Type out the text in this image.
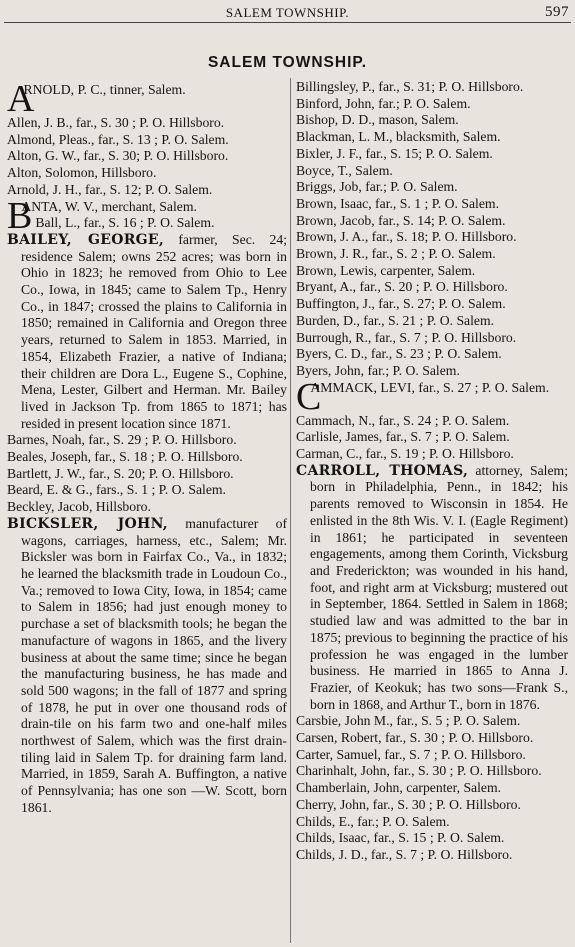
SALEM TOWNSHIP.	597
SALEM TOWNSHIP.
A
RNOLD, P. C., tinner, Salem.
Allen, J. B., far., S. 30 ; P. O. Hillsboro.
Almond, Pleas., far., S. 13 ; P. O. Salem.
Alton, G. W., far., S. 30; P. O. Hillsboro.
Alton, Solomon, Hillsboro.
Arnold, J. H., far., S. 12; P. O. Salem.
B
ANTA, W. V., merchant, Salem.
Ball, L., far., S. 16 ; P. O. Salem.
BAILEY, GEORGE, farmer, Sec. 24; residence Salem; owns 252 acres; was born in Ohio in 1823; he removed from Ohio to Lee Co., Iowa, in 1845; came to Salem Tp., Henry Co., in 1847; crossed the plains to California in 1850; remained in California and Oregon three years, returned to Salem in 1853. Married, in 1854, Elizabeth Frazier, a native of Indiana; their children are Dora L., Eugene S., Cophine, Mena, Lester, Gilbert and Herman. Mr. Bailey lived in Jackson Tp. from 1865 to 1871; has resided in present location since 1871.
Barnes, Noah, far., S. 29 ; P. O. Hillsboro.
Beales, Joseph, far., S. 18 ; P. O. Hillsboro.
Bartlett, J. W., far., S. 20; P. O. Hillsboro.
Beard, E. & G., fars., S. 1 ; P. O. Salem.
Beckley, Jacob, Hillsboro.
BICKSLER, JOHN, manufacturer of wagons, carriages, harness, etc., Salem; Mr. Bicksler was born in Fairfax Co., Va., in 1832; he learned the blacksmith trade in Loudoun Co., Va.; removed to Iowa City, Iowa, in 1854; came to Salem in 1856; had just enough money to purchase a set of blacksmith tools; he began the manufacture of wagons in 1865, and the livery business at about the same time; since he began the manufacturing business, he has made and sold 500 wagons; in the fall of 1877 and spring of 1878, he put in over one thousand rods of drain-tile on his farm two and one-half miles northwest of Salem, which was the first drain-tiling laid in Salem Tp. for draining farm land. Married, in 1859, Sarah A. Buffington, a native of Pennsylvania; has one son —W. Scott, born 1861.
Billingsley, P., far., S. 31; P. O. Hillsboro.
Binford, John, far.; P. O. Salem.
Bishop, D. D., mason, Salem.
Blackman, L. M., blacksmith, Salem.
Bixler, J. F., far., S. 15; P. O. Salem.
Boyce, T., Salem.
Briggs, Job, far.; P. O. Salem.
Brown, Isaac, far., S. 1 ; P. O. Salem.
Brown, Jacob, far., S. 14; P. O. Salem.
Brown, J. A., far., S. 18; P. O. Hillsboro.
Brown, J. R., far., S. 2 ; P. O. Salem.
Brown, Lewis, carpenter, Salem.
Bryant, A., far., S. 20 ; P. O. Hillsboro.
Buffington, J., far., S. 27; P. O. Salem.
Burden, D., far., S. 21 ; P. O. Salem.
Burrough, R., far., S. 7 ; P. O. Hillsboro.
Byers, C. D., far., S. 23 ; P. O. Salem.
Byers, John, far.; P. O. Salem.
C
AMMACK, LEVI, far., S. 27 ; P. O. Salem.
Cammach, N., far., S. 24 ; P. O. Salem.
Carlisle, James, far., S. 7 ; P. O. Salem.
Carman, C., far., S. 19 ; P. O. Hillsboro.
CARROLL, THOMAS, attorney, Salem; born in Philadelphia, Penn., in 1842; his parents removed to Wisconsin in 1854. He enlisted in the 8th Wis. V. I. (Eagle Regiment) in 1861; he participated in seventeen engagements, among them Corinth, Vicksburg and Frederickton; was wounded in his hand, foot, and right arm at Vicksburg; mustered out in September, 1864. Settled in Salem in 1868; studied law and was admitted to the bar in 1875; previous to beginning the practice of his profession he was engaged in the lumber business. He married in 1865 to Anna J. Frazier, of Keokuk; has two sons—Frank S., born in 1868, and Arthur T., born in 1876.
Carsbie, John M., far., S. 5 ; P. O. Salem.
Carsen, Robert, far., S. 30 ; P. O. Hillsboro.
Carter, Samuel, far., S. 7 ; P. O. Hillsboro.
Charinhalt, John, far., S. 30 ; P. O. Hillsboro.
Chamberlain, John, carpenter, Salem.
Cherry, John, far., S. 30 ; P. O. Hillsboro.
Childs, E., far.; P. O. Salem.
Childs, Isaac, far., S. 15 ; P. O. Salem.
Childs, J. D., far., S. 7 ; P. O. Hillsboro.
